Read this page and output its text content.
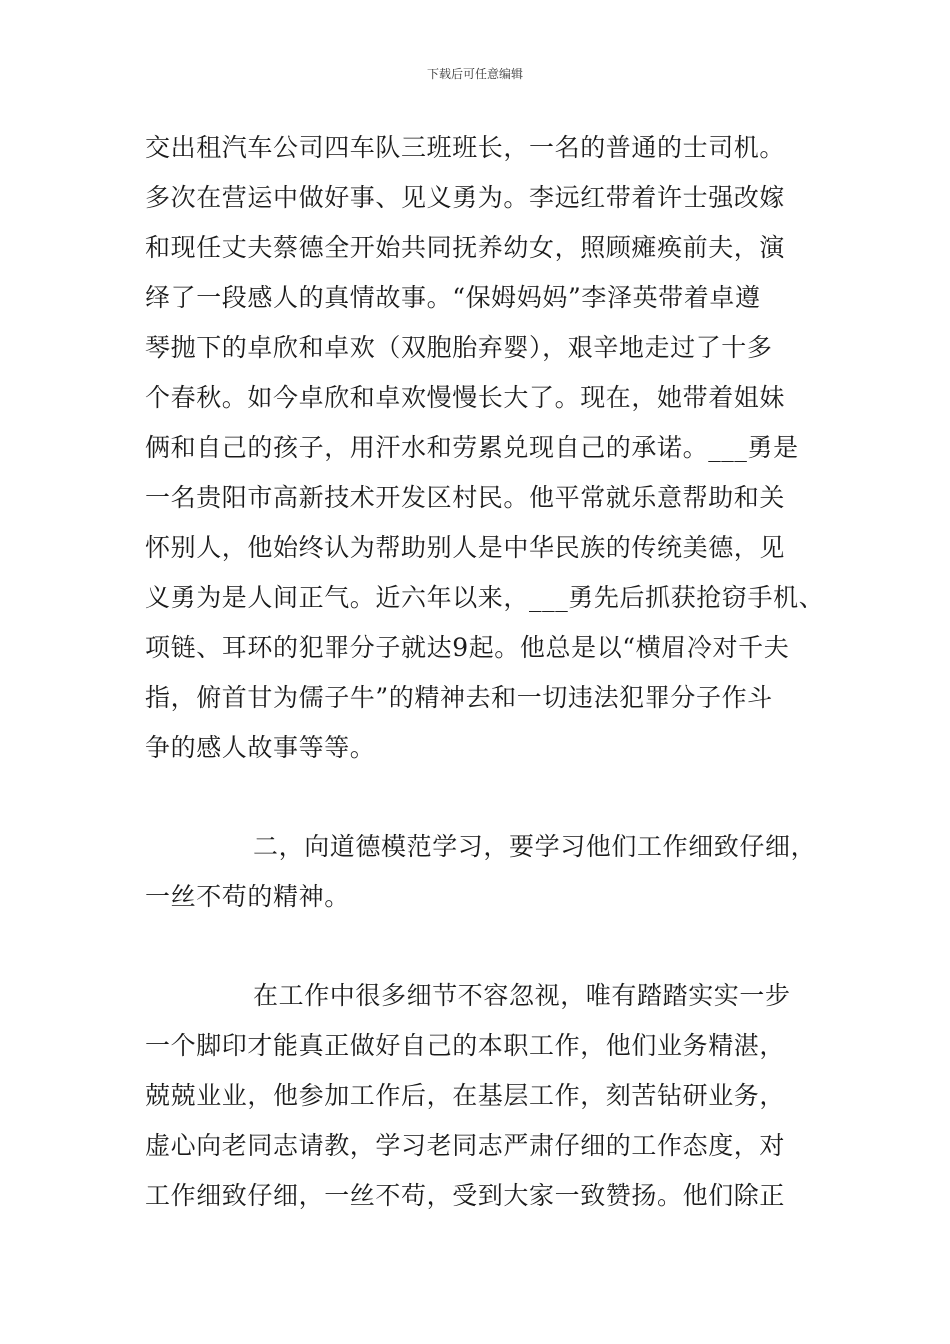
下载后可任意编辑
交出租汽车公司四车队三班班长，一名的普通的士司机。
多次在营运中做好事、见义勇为。李远红带着许士强改嫁
和现任丈夫蔡德全开始共同抚养幼女，照顾瘫痪前夫，演
绎了一段感人的真情故事。“保姆妈妈”李泽英带着卓遵
琴抛下的卓欣和卓欢（双胞胎弃婴），艰辛地走过了十多
个春秋。如今卓欣和卓欢慢慢长大了。现在，她带着姐妹
俩和自己的孩子，用汗水和劳累兑现自己的承诺。___勇是
一名贵阳市高新技术开发区村民。他平常就乐意帮助和关
怀别人，他始终认为帮助别人是中华民族的传统美德，见
义勇为是人间正气。近六年以来，___勇先后抓获抢窃手机、
项链、耳环的犯罪分子就达9起。他总是以“横眉冷对千夫
指，俯首甘为儒子牛”的精神去和一切违法犯罪分子作斗
争的感人故事等等。
二，向道德模范学习，要学习他们工作细致仔细，
一丝不苟的精神。
在工作中很多细节不容忽视，唯有踏踏实实一步
一个脚印才能真正做好自己的本职工作，他们业务精湛，
兢兢业业，他参加工作后，在基层工作，刻苦钻研业务，
虚心向老同志请教，学习老同志严肃仔细的工作态度，对
工作细致仔细，一丝不苟，受到大家一致赞扬。他们除正
